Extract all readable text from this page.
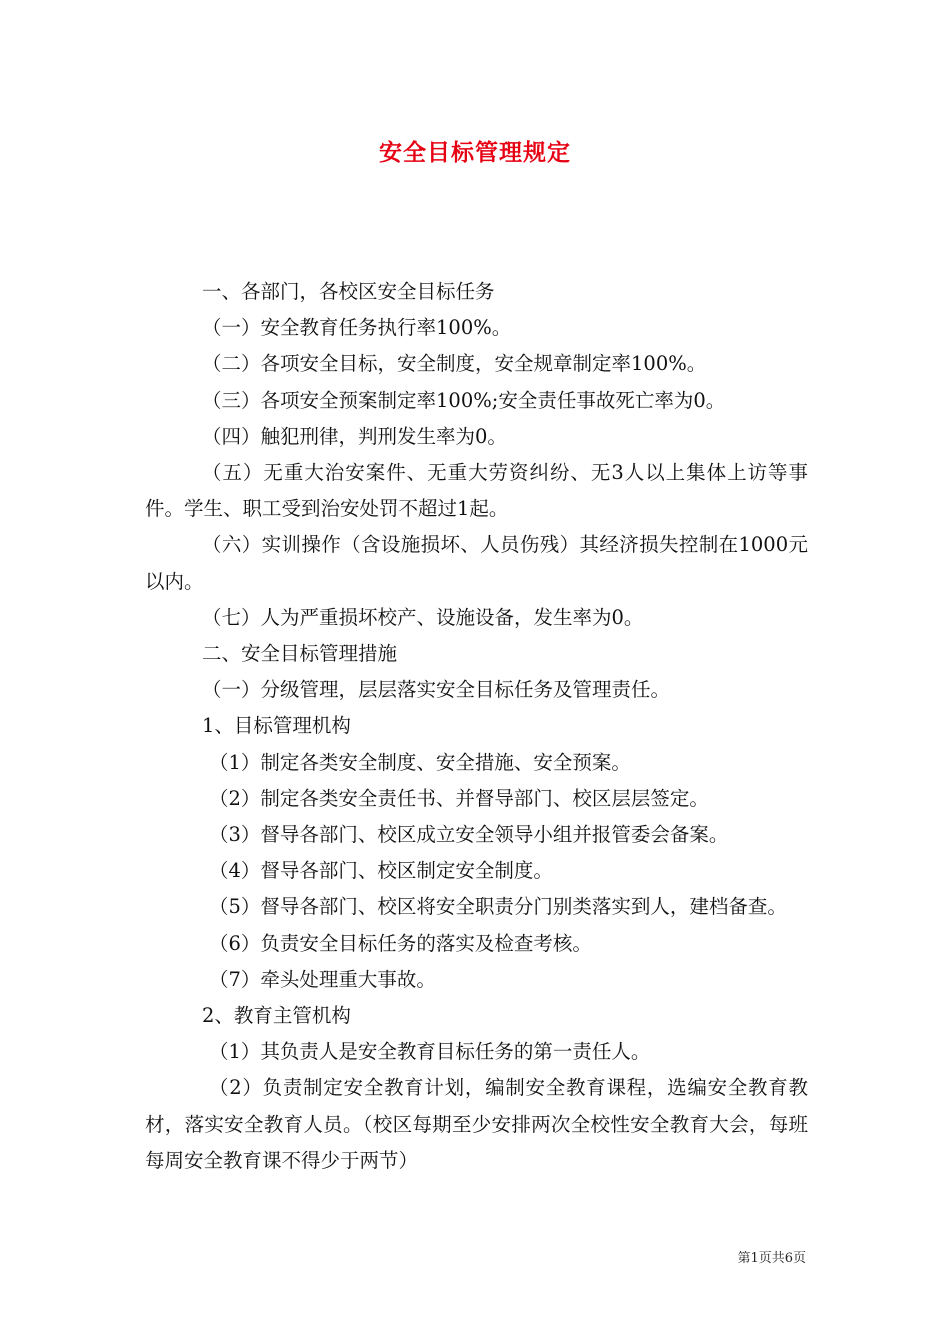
安全目标管理规定

一、各部门，各校区安全目标任务

（一）安全教育任务执行率100%。

（二）各项安全目标，安全制度，安全规章制定率100%。

（三）各项安全预案制定率100%;安全责任事故死亡率为0。

（四）触犯刑律，判刑发生率为0。

（五）无重大治安案件、无重大劳资纠纷、无3人以上集体上访等事件。学生、职工受到治安处罚不超过1起。

（六）实训操作（含设施损坏、人员伤残）其经济损失控制在1000元以内。

（七）人为严重损坏校产、设施设备，发生率为0。

二、安全目标管理措施

（一）分级管理，层层落实安全目标任务及管理责任。

1、目标管理机构

（1）制定各类安全制度、安全措施、安全预案。

（2）制定各类安全责任书、并督导部门、校区层层签定。

（3）督导各部门、校区成立安全领导小组并报管委会备案。

（4）督导各部门、校区制定安全制度。

（5）督导各部门、校区将安全职责分门别类落实到人，建档备查。

（6）负责安全目标任务的落实及检查考核。

（7）牵头处理重大事故。

2、教育主管机构

（1）其负责人是安全教育目标任务的第一责任人。

（2）负责制定安全教育计划，编制安全教育课程，选编安全教育教材，落实安全教育人员。（校区每期至少安排两次全校性安全教育大会，每班每周安全教育课不得少于两节）

第1页共6页
